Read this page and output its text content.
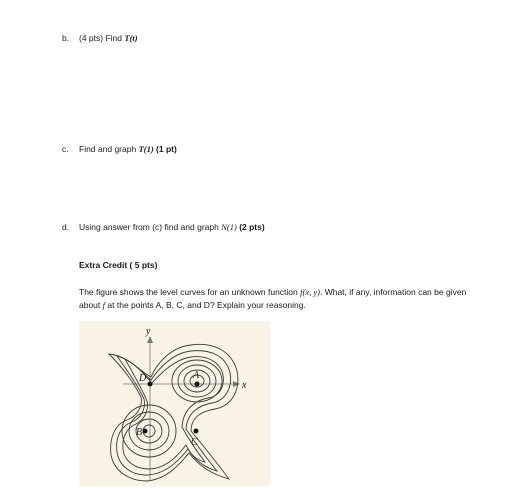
b. (4 pts) Find T(t)
c. Find and graph T(1) (1 pt)
d. Using answer from (c) find and graph N(1) (2 pts)
Extra Credit ( 5 pts)
The figure shows the level curves for an unknown function f(x, y). What, if any, information can be given
about f at the points A, B, C, and D? Explain your reasoning.
y
x
D	A
B
C
